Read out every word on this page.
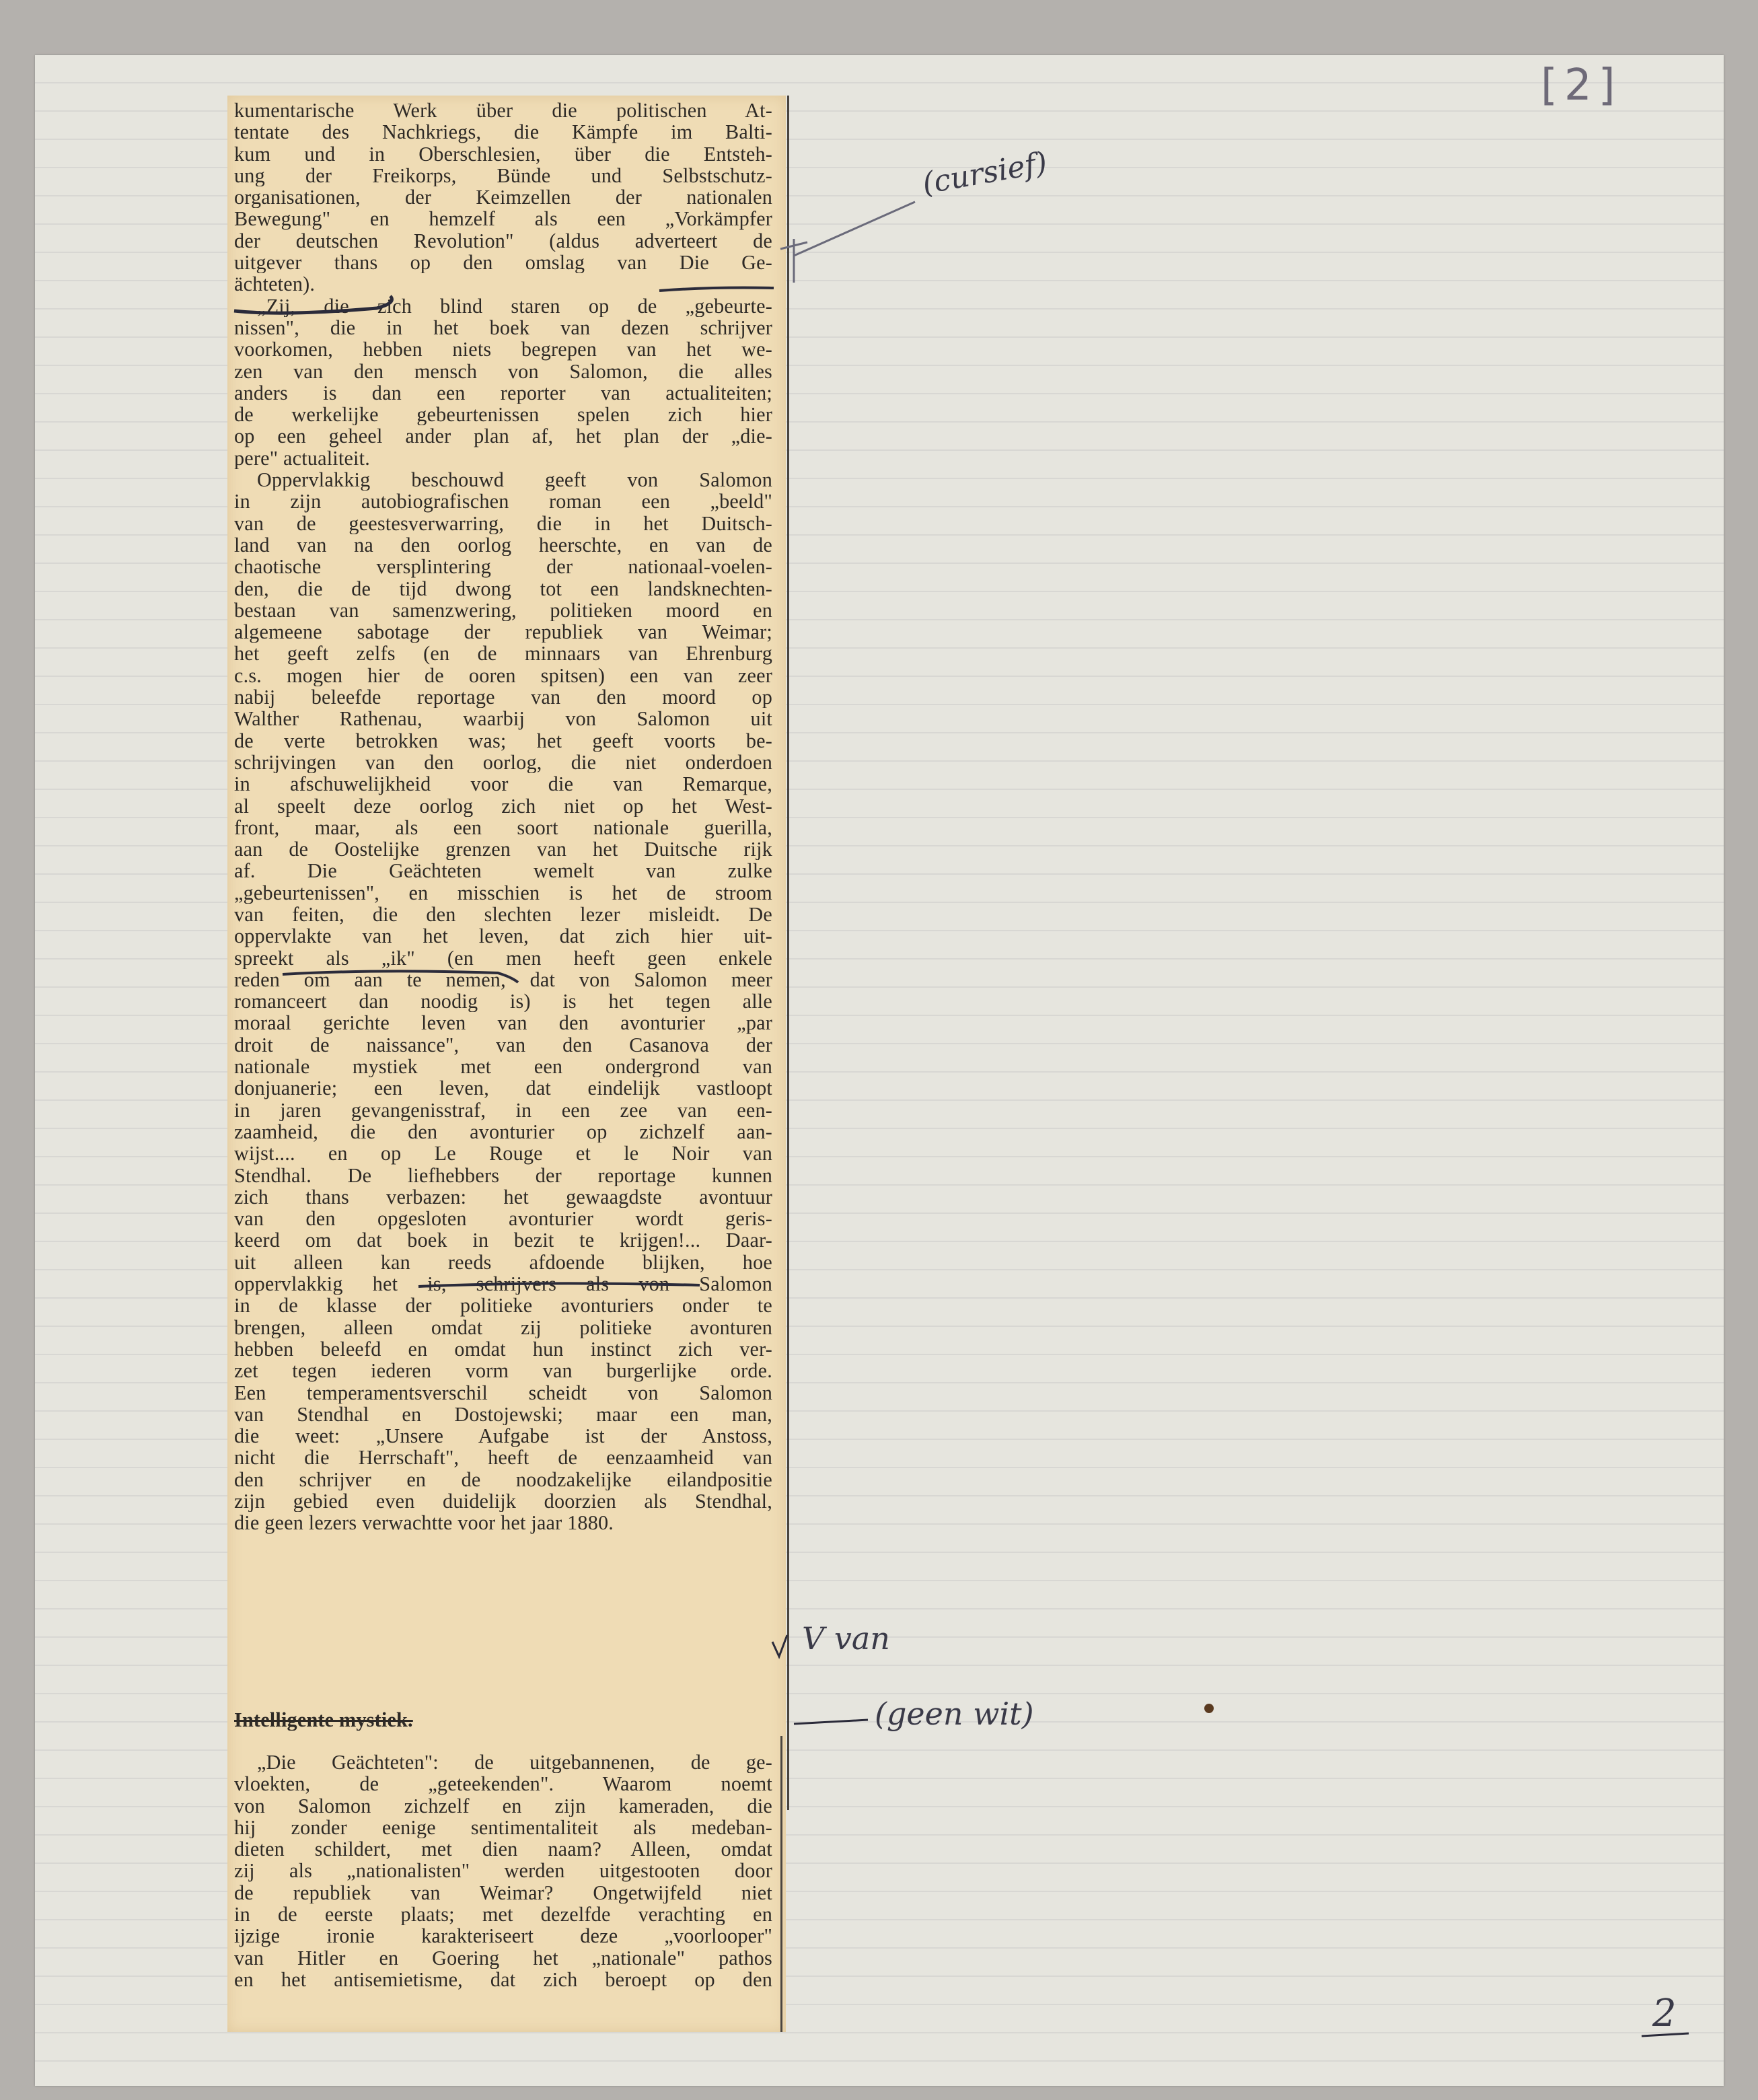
[2]
kumentarische Werk über die politischen At-
tentate des Nachkriegs, die Kämpfe im Balti-
kum und in Oberschlesien, über die Entsteh-
ung der Freikorps, Bünde und Selbstschutz-
organisationen, der Keimzellen der nationalen
Bewegung" en hemzelf als een „Vorkämpfer
der deutschen Revolution" (aldus adverteert de
uitgever thans op den omslag van Die Ge-
ächteten).
„Zij, die zich blind staren op de „gebeurte-
nissen", die in het boek van dezen schrijver
voorkomen, hebben niets begrepen van het we-
zen van den mensch von Salomon, die alles
anders is dan een reporter van actualiteiten;
de werkelijke gebeurtenissen spelen zich hier
op een geheel ander plan af, het plan der „die-
pere" actualiteit.
Oppervlakkig beschouwd geeft von Salomon
in zijn autobiografischen roman een „beeld"
van de geestesverwarring, die in het Duitsch-
land van na den oorlog heerschte, en van de
chaotische versplintering der nationaal-voelen-
den, die de tijd dwong tot een landsknechten-
bestaan van samenzwering, politieken moord en
algemeene sabotage der republiek van Weimar;
het geeft zelfs (en de minnaars van Ehrenburg
c.s. mogen hier de ooren spitsen) een van zeer
nabij beleefde reportage van den moord op
Walther Rathenau, waarbij von Salomon uit
de verte betrokken was; het geeft voorts be-
schrijvingen van den oorlog, die niet onderdoen
in afschuwelijkheid voor die van Remarque,
al speelt deze oorlog zich niet op het West-
front, maar, als een soort nationale guerilla,
aan de Oostelijke grenzen van het Duitsche rijk
af. Die Geächteten wemelt van zulke
„gebeurtenissen", en misschien is het de stroom
van feiten, die den slechten lezer misleidt. De
oppervlakte van het leven, dat zich hier uit-
spreekt als „ik" (en men heeft geen enkele
reden om aan te nemen, dat von Salomon meer
romanceert dan noodig is) is het tegen alle
moraal gerichte leven van den avonturier „par
droit de naissance", van den Casanova der
nationale mystiek met een ondergrond van
donjuanerie; een leven, dat eindelijk vastloopt
in jaren gevangenisstraf, in een zee van een-
zaamheid, die den avonturier op zichzelf aan-
wijst.... en op Le Rouge et le Noir van
Stendhal. De liefhebbers der reportage kunnen
zich thans verbazen: het gewaagdste avontuur
van den opgesloten avonturier wordt geris-
keerd om dat boek in bezit te krijgen!... Daar-
uit alleen kan reeds afdoende blijken, hoe
oppervlakkig het is, schrijvers als von Salomon
in de klasse der politieke avonturiers onder te
brengen, alleen omdat zij politieke avonturen
hebben beleefd en omdat hun instinct zich ver-
zet tegen iederen vorm van burgerlijke orde.
Een temperamentsverschil scheidt von Salomon
van Stendhal en Dostojewski; maar een man,
die weet: „Unsere Aufgabe ist der Anstoss,
nicht die Herrschaft", heeft de eenzaamheid van
den schrijver en de noodzakelijke eilandpositie
zijn gebied even duidelijk doorzien als Stendhal,
die geen lezers verwachtte voor het jaar 1880.
Intelligente mystiek.
„Die Geächteten": de uitgebannenen, de ge-
vloekten, de „geteekenden". Waarom noemt
von Salomon zichzelf en zijn kameraden, die
hij zonder eenige sentimentaliteit als medeban-
dieten schildert, met dien naam? Alleen, omdat
zij als „nationalisten" werden uitgestooten door
de republiek van Weimar? Ongetwijfeld niet
in de eerste plaats; met dezelfde verachting en
ijzige ironie karakteriseert deze „voorlooper"
van Hitler en Goering het „nationale" pathos
en het antisemietisme, dat zich beroept op den
(cursief)
V van
(geen wit)
2
